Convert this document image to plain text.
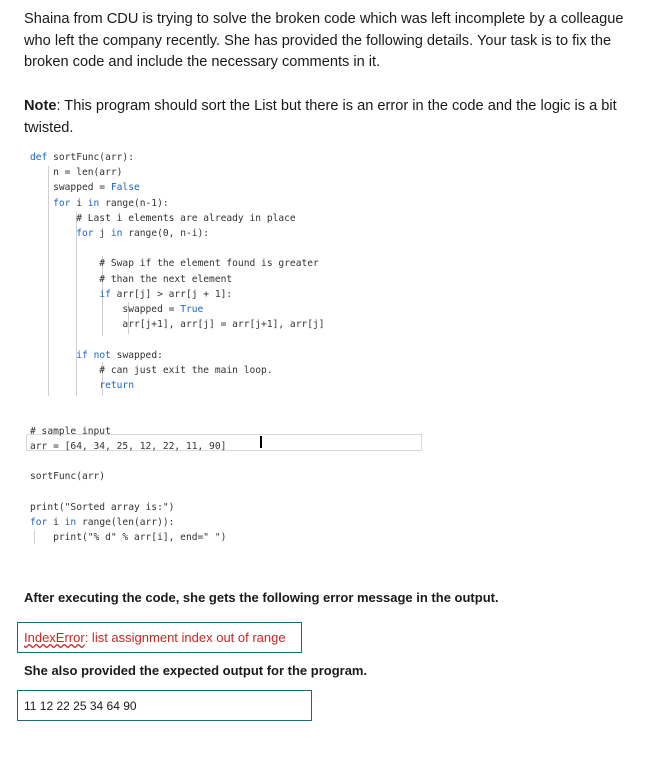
Shaina from CDU is trying to solve the broken code which was left incomplete by a colleague who left the company recently. She has provided the following details. Your task is to fix the broken code and include the necessary comments in it.
Note: This program should sort the List but there is an error in the code and the logic is a bit twisted.
def sortFunc(arr):
n = len(arr)
swapped = False
for i in range(n-1):
# Last i elements are already in place
for j in range(0, n-i):
# Swap if the element found is greater
# than the next element
if arr[j] > arr[j + 1]:
swapped = True
arr[j+1], arr[j] = arr[j+1], arr[j]
if not swapped:
# can just exit the main loop.
return
# sample input
arr = [64, 34, 25, 12, 22, 11, 90]
sortFunc(arr)
print("Sorted array is:")
for i in range(len(arr)):
print("% d" % arr[i], end=" ")
After executing the code, she gets the following error message in the output.
IndexError: list assignment index out of range
She also provided the expected output for the program.
11 12 22 25 34 64 90
